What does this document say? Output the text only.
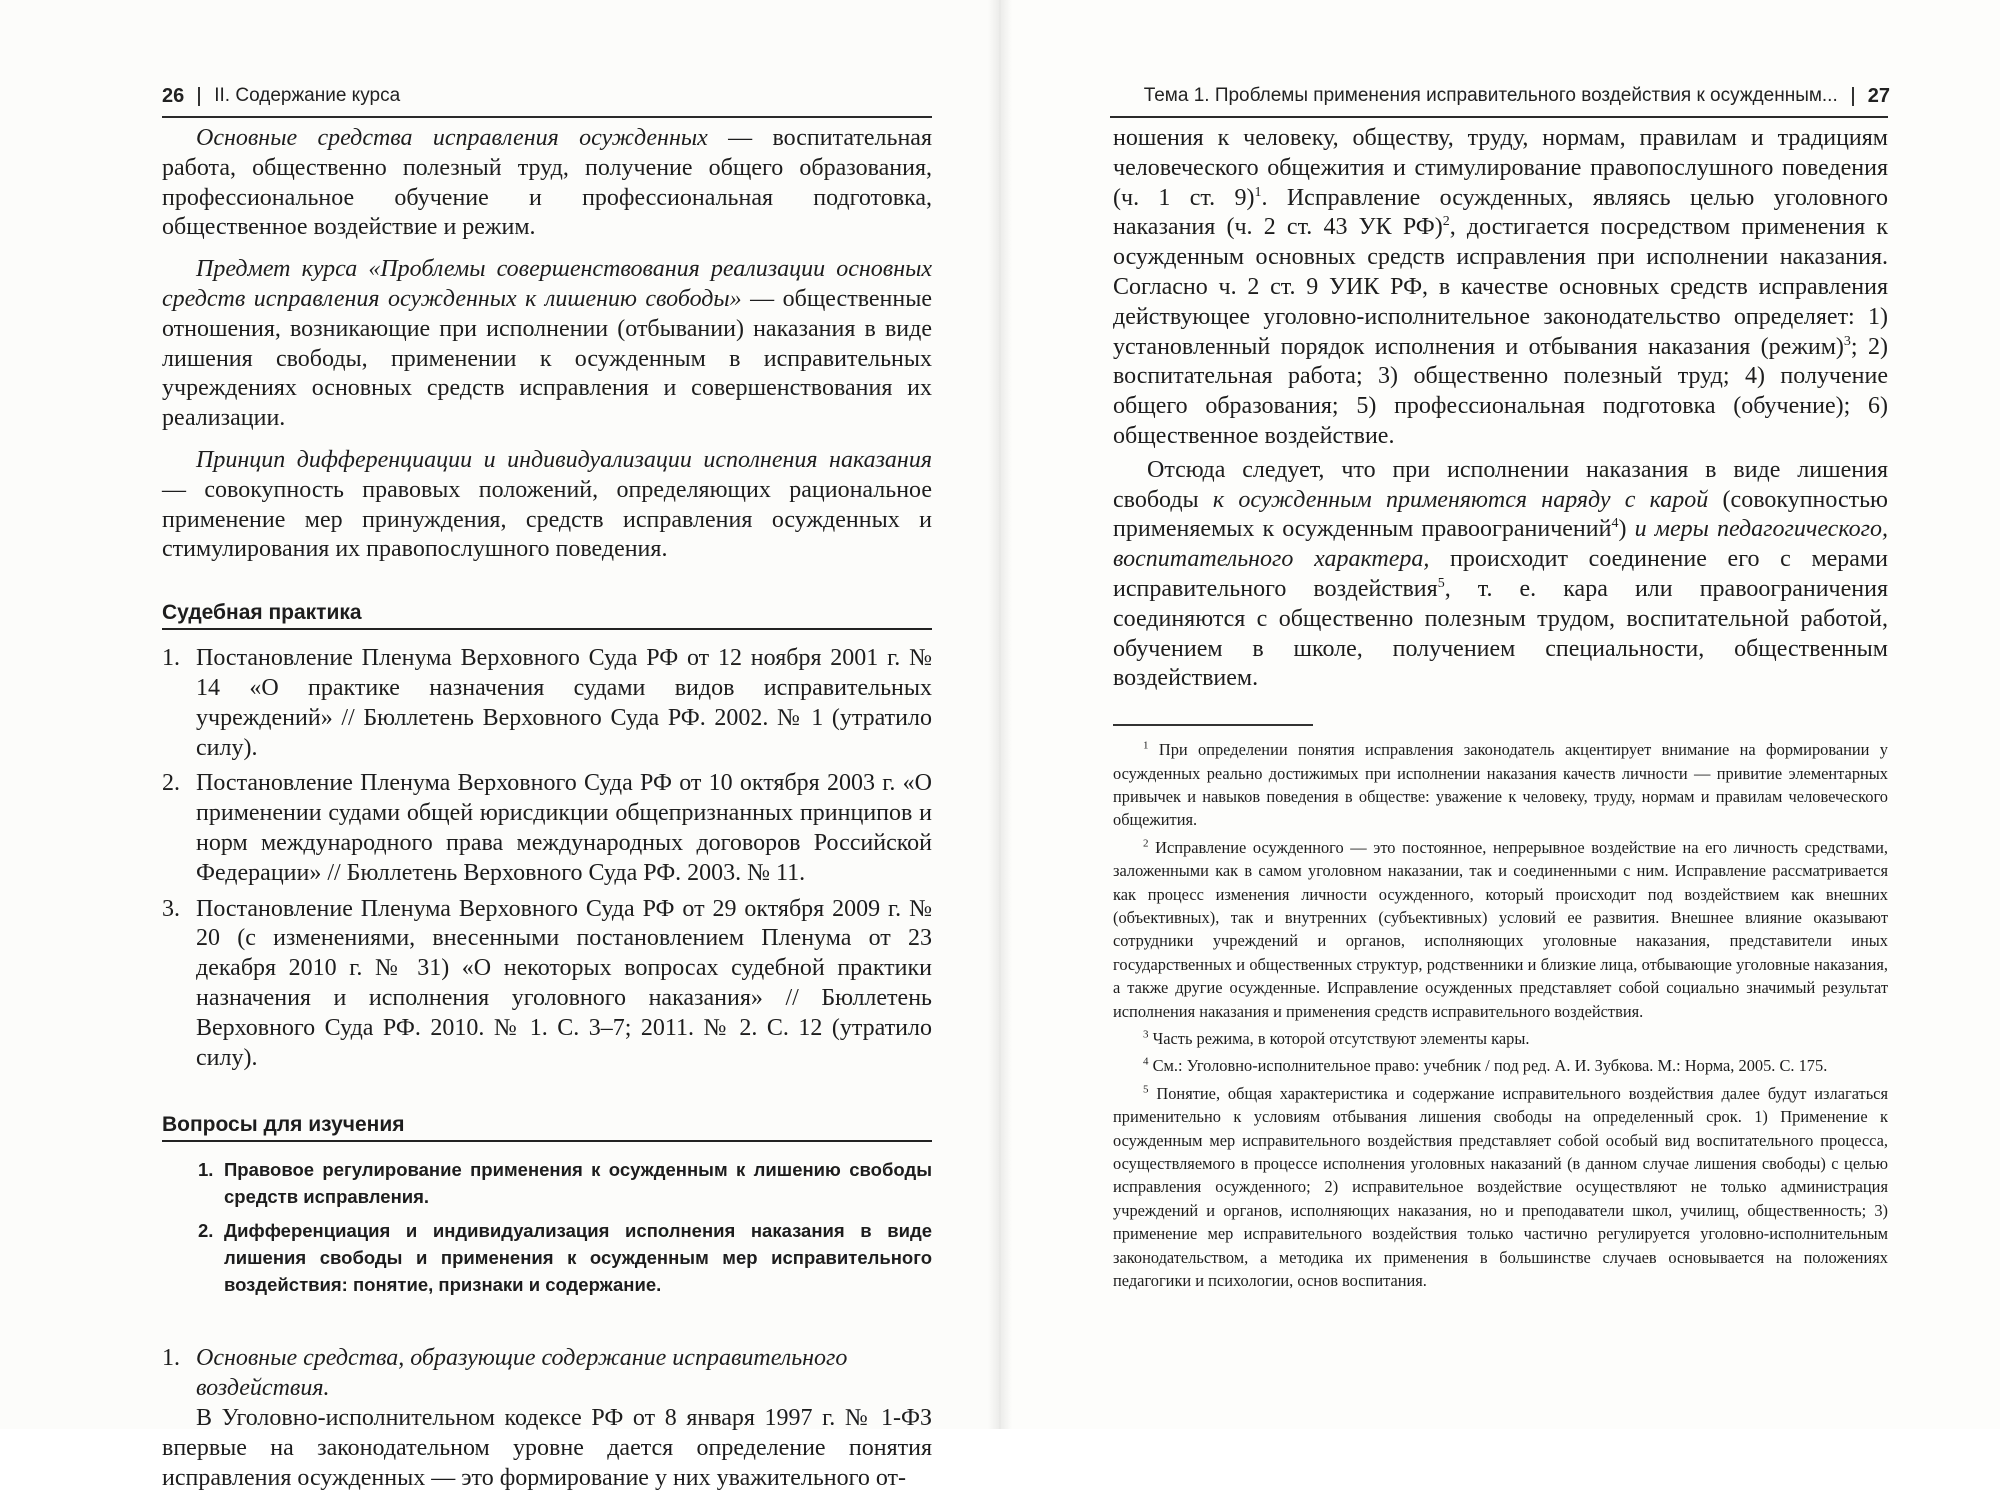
26 II. Содержание курса	Тема 1. Проблемы применения исправительного воздействия к осужденным... 27

Основные средства исправления осужденных — воспитательная работа, общественно полезный труд, получение общего образования, профессиональное обучение и профессиональная подготовка, общественное воздействие и режим.

Предмет курса «Проблемы совершенствования реализации основных средств исправления осужденных к лишению свободы» — общественные отношения, возникающие при исполнении (отбывании) наказания в виде лишения свободы, применении к осужденным в исправительных учреждениях основных средств исправления и совершенствования их реализации.

Принцип дифференциации и индивидуализации исполнения наказания — совокупность правовых положений, определяющих рациональное применение мер принуждения, средств исправления осужденных и стимулирования их правопослушного поведения.

Судебная практика
1. Постановление Пленума Верховного Суда РФ от 12 ноября 2001 г. № 14 «О практике назначения судами видов исправительных учреждений» // Бюллетень Верховного Суда РФ. 2002. № 1 (утратило силу).
2. Постановление Пленума Верховного Суда РФ от 10 октября 2003 г. «О применении судами общей юрисдикции общепризнанных принципов и норм международного права международных договоров Российской Федерации» // Бюллетень Верховного Суда РФ. 2003. № 11.
3. Постановление Пленума Верховного Суда РФ от 29 октября 2009 г. № 20 (с изменениями, внесенными постановлением Пленума от 23 декабря 2010 г. № 31) «О некоторых вопросах судебной практики назначения и исполнения уголовного наказания» // Бюллетень Верховного Суда РФ. 2010. № 1. С. 3–7; 2011. № 2. С. 12 (утратило силу).
Вопросы для изучения
1. Правовое регулирование применения к осужденным к лишению свободы средств исправления.
2. Дифференциация и индивидуализация исполнения наказания в виде лишения свободы и применения к осужденным мер исправительного воздействия: понятие, признаки и содержание.
1. Основные средства, образующие содержание исправительного воздействия.

В Уголовно-исполнительном кодексе РФ от 8 января 1997 г. № 1-ФЗ впервые на законодательном уровне дается определение понятия исправления осужденных — это формирование у них уважительного от-

ношения к человеку, обществу, труду, нормам, правилам и традициям человеческого общежития и стимулирование правопослушного поведения (ч. 1 ст. 9)$^1$. Исправление осужденных, являясь целью уголовного наказания (ч. 2 ст. 43 УК РФ)$^2$, достигается посредством применения к осужденным основных средств исправления при исполнении наказания. Согласно ч. 2 ст. 9 УИК РФ, в качестве основных средств исправления действующее уголовно-исполнительное законодательство определяет: 1) установленный порядок исполнения и отбывания наказания (режим)$^3$; 2) воспитательная работа; 3) общественно полезный труд; 4) получение общего образования; 5) профессиональная подготовка (обучение); 6) общественное воздействие.

Отсюда следует, что при исполнении наказания в виде лишения свободы к осужденным применяются наряду с карой (совокупностью применяемых к осужденным правоограничений$^4$) и меры педагогического, воспитательного характера, происходит соединение его с мерами исправительного воздействия$^5$, т. е. кара или правоограничения соединяются с общественно полезным трудом, воспитательной работой, обучением в школе, получением специальности, общественным воздействием.

$^1$ При определении понятия исправления законодатель акцентирует внимание на формировании у осужденных реально достижимых при исполнении наказания качеств личности — привитие элементарных привычек и навыков поведения в обществе: уважение к человеку, труду, нормам и правилам человеческого общежития.

$^2$ Исправление осужденного — это постоянное, непрерывное воздействие на его личность средствами, заложенными как в самом уголовном наказании, так и соединенными с ним. Исправление рассматривается как процесс изменения личности осужденного, который происходит под воздействием как внешних (объективных), так и внутренних (субъективных) условий ее развития. Внешнее влияние оказывают сотрудники учреждений и органов, исполняющих уголовные наказания, представители иных государственных и общественных структур, родственники и близкие лица, отбывающие уголовные наказания, а также другие осужденные. Исправление осужденных представляет собой социально значимый результат исполнения наказания и применения средств исправительного воздействия.

$^3$ Часть режима, в которой отсутствуют элементы кары.

$^4$ См.: Уголовно-исполнительное право: учебник / под ред. А. И. Зубкова. М.: Норма, 2005. С. 175.

$^5$ Понятие, общая характеристика и содержание исправительного воздействия далее будут излагаться применительно к условиям отбывания лишения свободы на определенный срок. 1) Применение к осужденным мер исправительного воздействия представляет собой особый вид воспитательного процесса, осуществляемого в процессе исполнения уголовных наказаний (в данном случае лишения свободы) с целью исправления осужденного; 2) исправительное воздействие осуществляют не только администрация учреждений и органов, исполняющих наказания, но и преподаватели школ, училищ, общественность; 3) применение мер исправительного воздействия только частично регулируется уголовно-исполнительным законодательством, а методика их применения в большинстве случаев основывается на положениях педагогики и психологии, основ воспитания.
